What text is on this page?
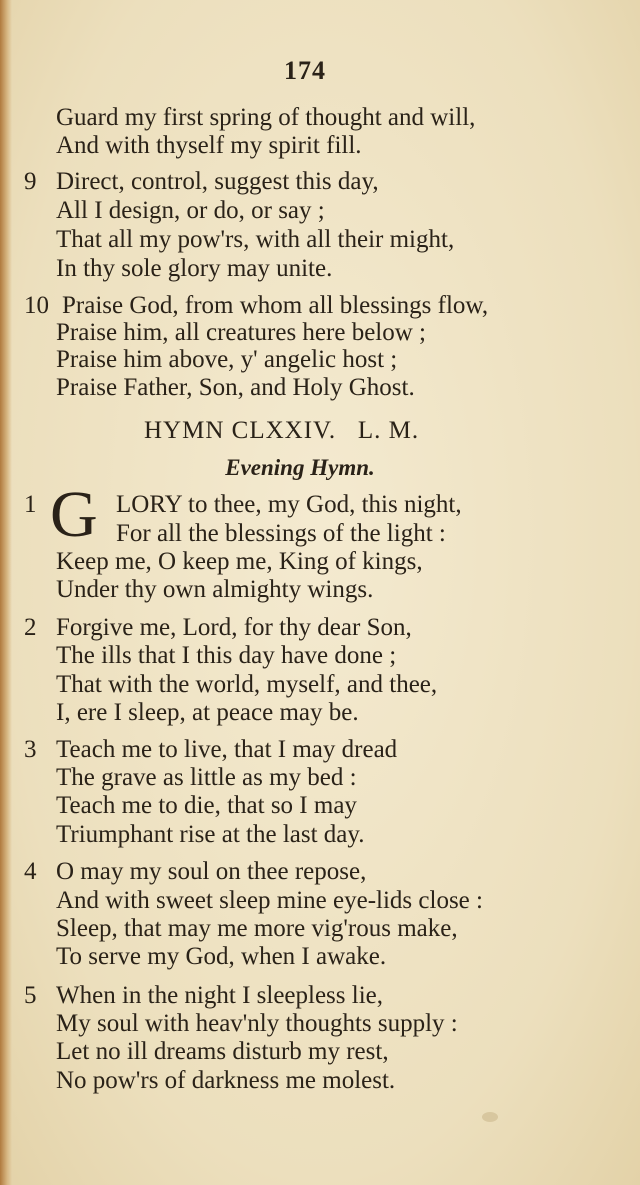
174
Guard my first spring of thought and will,
And with thyself my spirit fill.
9 Direct, control, suggest this day,
All I design, or do, or say ;
That all my pow'rs, with all their might,
In thy sole glory may unite.
10 Praise God, from whom all blessings flow,
Praise him, all creatures here below ;
Praise him above, y' angelic host ;
Praise Father, Son, and Holy Ghost.
HYMN CLXXIV.   L. M.
Evening Hymn.
1 G LORY to thee, my God, this night,
For all the blessings of the light :
Keep me, O keep me, King of kings,
Under thy own almighty wings.
2 Forgive me, Lord, for thy dear Son,
The ills that I this day have done ;
That with the world, myself, and thee,
I, ere I sleep, at peace may be.
3 Teach me to live, that I may dread
The grave as little as my bed :
Teach me to die, that so I may
Triumphant rise at the last day.
4 O may my soul on thee repose,
And with sweet sleep mine eye-lids close :
Sleep, that may me more vig'rous make,
To serve my God, when I awake.
5 When in the night I sleepless lie,
My soul with heav'nly thoughts supply :
Let no ill dreams disturb my rest,
No pow'rs of darkness me molest.
